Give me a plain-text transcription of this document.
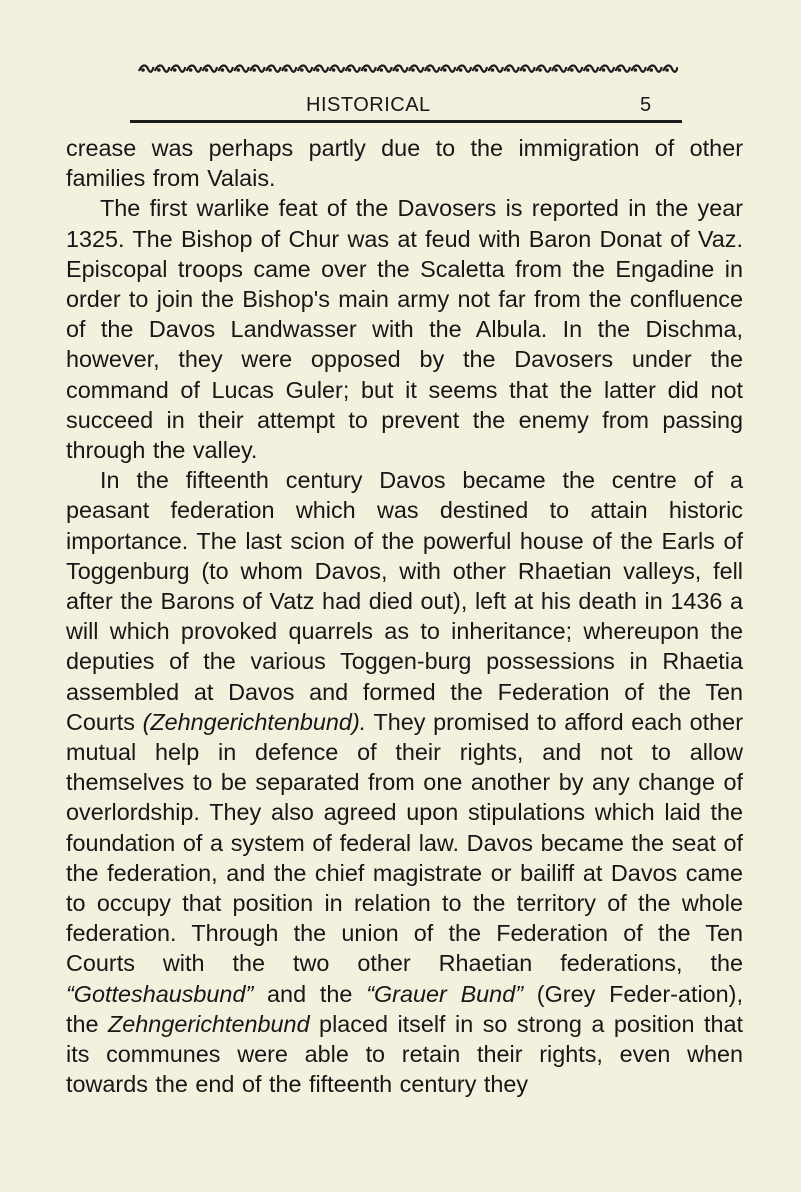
HISTORICAL	5

crease was perhaps partly due to the immigration of other families from Valais.

The first warlike feat of the Davosers is reported in the year 1325. The Bishop of Chur was at feud with Baron Donat of Vaz. Episcopal troops came over the Scaletta from the Engadine in order to join the Bishop's main army not far from the confluence of the Davos Landwasser with the Albula. In the Dischma, however, they were opposed by the Davosers under the command of Lucas Guler; but it seems that the latter did not succeed in their attempt to prevent the enemy from passing through the valley.

In the fifteenth century Davos became the centre of a peasant federation which was destined to attain historic importance. The last scion of the powerful house of the Earls of Toggenburg (to whom Davos, with other Rhaetian valleys, fell after the Barons of Vatz had died out), left at his death in 1436 a will which provoked quarrels as to inheritance; whereupon the deputies of the various Toggen-burg possessions in Rhaetia assembled at Davos and formed the Federation of the Ten Courts (Zehngerichtenbund). They promised to afford each other mutual help in defence of their rights, and not to allow themselves to be separated from one another by any change of overlordship. They also agreed upon stipulations which laid the foundation of a system of federal law. Davos became the seat of the federation, and the chief magistrate or bailiff at Davos came to occupy that position in relation to the territory of the whole federation. Through the union of the Federation of the Ten Courts with the two other Rhaetian federations, the “Gotteshausbund” and the “Grauer Bund” (Grey Feder-ation), the Zehngerichtenbund placed itself in so strong a position that its communes were able to retain their rights, even when towards the end of the fifteenth century they
